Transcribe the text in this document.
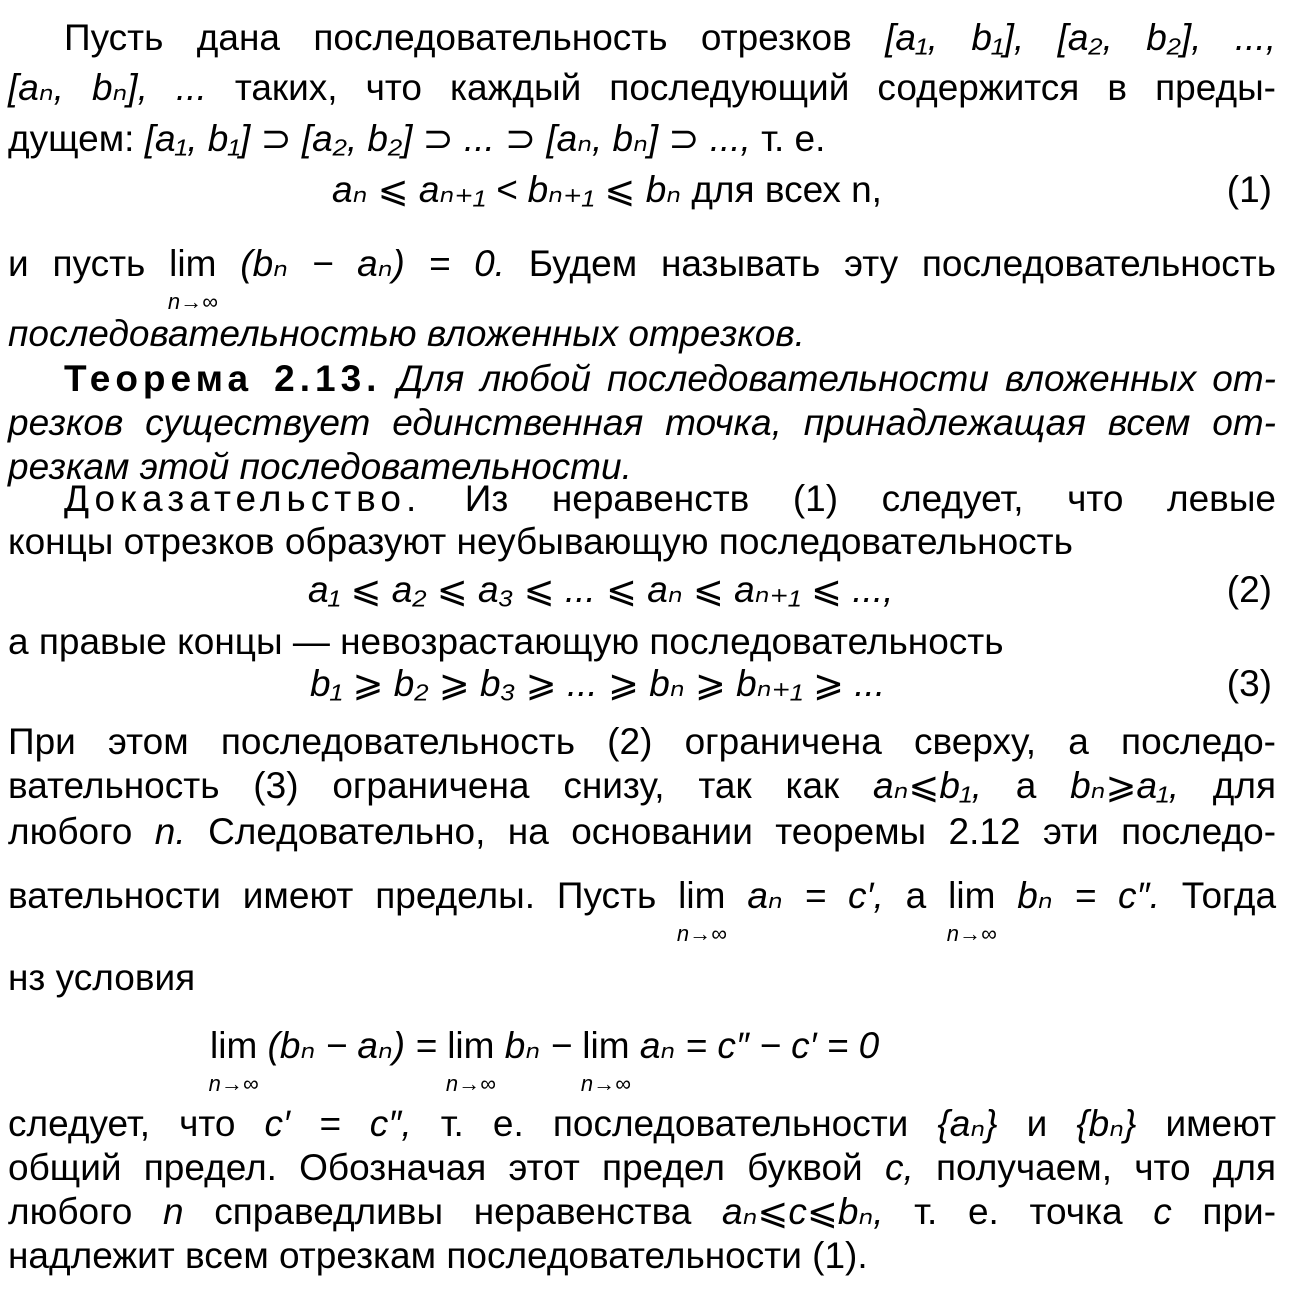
Пусть дана последовательность отрезков [a₁, b₁], [a₂, b₂], ...,
[aₙ, bₙ], ... таких, что каждый последующий содержится в преды-
дущем: [a₁, b₁] ⊃ [a₂, b₂] ⊃ ... ⊃ [aₙ, bₙ] ⊃ ..., т. е.
aₙ ⩽ aₙ₊₁ < bₙ₊₁ ⩽ bₙ для всех n,	(1)
и пусть lim
n→∞
(bₙ − aₙ) = 0. Будем называть эту последовательность
последовательностью вложенных отрезков.
Теорема 2.13. Для любой последовательности вложенных от-
резков существует единственная точка, принадлежащая всем от-
резкам этой последовательности.
Доказательство. Из неравенств (1) следует, что левые
концы отрезков образуют неубывающую последовательность
a₁ ⩽ a₂ ⩽ a₃ ⩽ ... ⩽ aₙ ⩽ aₙ₊₁ ⩽ ...,	(2)
а правые концы — невозрастающую последовательность
b₁ ⩾ b₂ ⩾ b₃ ⩾ ... ⩾ bₙ ⩾ bₙ₊₁ ⩾ ...	(3)
При этом последовательность (2) ограничена сверху, а последо-
вательность (3) ограничена снизу, так как aₙ⩽b₁, а bₙ⩾a₁, для
любого n. Следовательно, на основании теоремы 2.12 эти последо-
вательности имеют пределы. Пусть lim
n→∞
aₙ = c′, а lim
n→∞
bₙ = c″. Тогда
нз условия
lim
n→∞
(bₙ − aₙ) = lim
n→∞
bₙ − lim
n→∞
aₙ = c″ − c′ = 0
следует, что c′ = c″, т. е. последовательности {aₙ} и {bₙ} имеют
общий предел. Обозначая этот предел буквой c, получаем, что для
любого n справедливы неравенства aₙ⩽c⩽bₙ, т. е. точка c при-
надлежит всем отрезкам последовательности (1).
